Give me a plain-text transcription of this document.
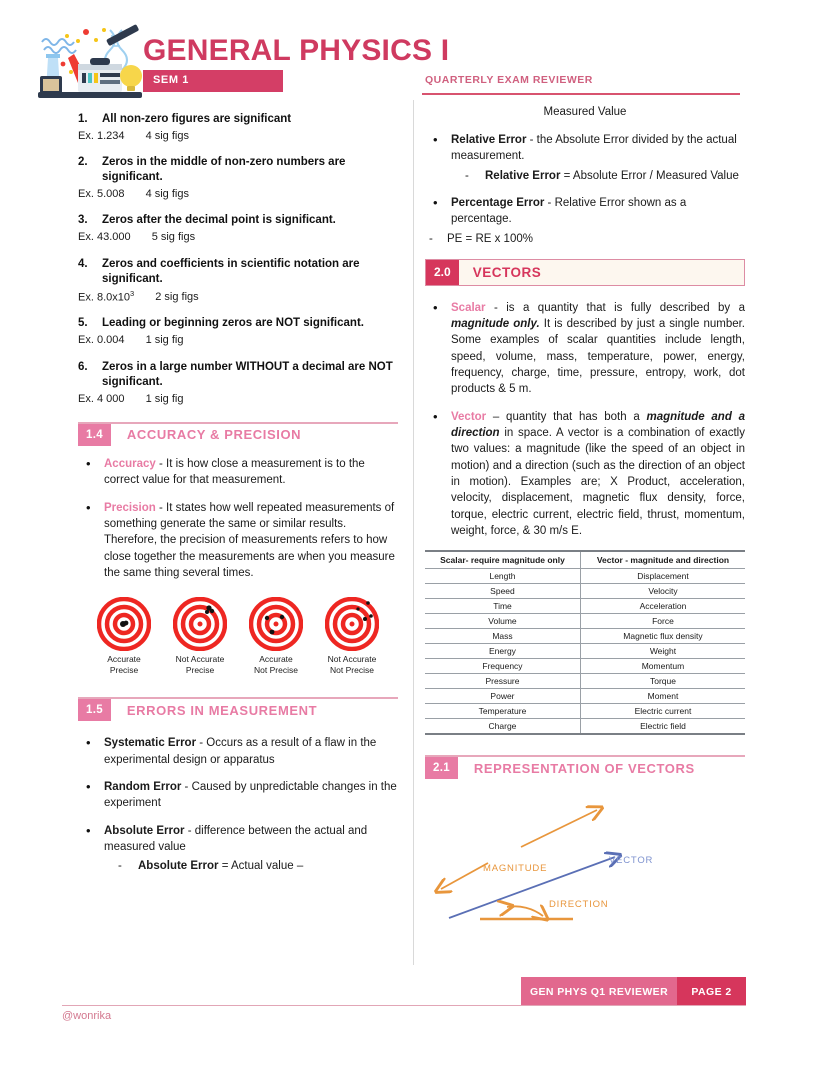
GENERAL PHYSICS I
SEM 1	QUARTERLY EXAM REVIEWER
1.	All non-zero figures are significant
Ex. 1.234 4 sig figs
2.	Zeros in the middle of non-zero numbers are significant.
Ex. 5.008 4 sig figs
3.	Zeros after the decimal point is significant.
Ex. 43.000 5 sig figs
4.	Zeros and coefficients in scientific notation are significant.
Ex. $8.0x10^3$ 2 sig figs
5.	Leading or beginning zeros are NOT significant.
Ex. 0.004 1 sig fig
6.	Zeros in a large number WITHOUT a decimal are NOT significant.
Ex. 4 000 1 sig fig
1.4	ACCURACY & PRECISION
• Accuracy - It is how close a measurement is to the correct value for that measurement.
• Precision - It states how well repeated measurements of something generate the same or similar results. Therefore, the precision of measurements refers to how close together the measurements are when you measure the same thing several times.
Accurate
Precise
Not Accurate
Precise
Accurate
Not Precise
Not Accurate
Not Precise
1.5	ERRORS IN MEASUREMENT
• Systematic Error - Occurs as a result of a flaw in the experimental design or apparatus
• Random Error - Caused by unpredictable changes in the experiment
• Absolute Error - difference between the actual and measured value
- Absolute Error = Actual value –
Measured Value
• Relative Error - the Absolute Error divided by the actual measurement.
- Relative Error = Absolute Error / Measured Value
• Percentage Error - Relative Error shown as a percentage.
- PE = RE x 100%
2.0	VECTORS
• Scalar - is a quantity that is fully described by a magnitude only. It is described by just a single number. Some examples of scalar quantities include length, speed, volume, mass, temperature, power, energy, frequency, charge, time, pressure, entropy, work, dot products & 5 m.
• Vector – quantity that has both a magnitude and a direction in space. A vector is a combination of exactly two values: a magnitude (like the speed of an object in motion) and a direction (such as the direction of an object in motion). Examples are; X Product, acceleration, velocity, displacement, magnetic flux density, force, torque, electric current, electric field, thrust, momentum, weight, force, & 30 m/s E.
Scalar- require magnitude only	Vector - magnitude and direction
Length	Displacement
Speed	Velocity
Time	Acceleration
Volume	Force
Mass	Magnetic flux density
Energy	Weight
Frequency	Momentum
Pressure	Torque
Power	Moment
Temperature	Electric current
Charge	Electric field
2.1	REPRESENTATION OF VECTORS
MAGNITUDE
VECTOR
DIRECTION
GEN PHYS Q1 REVIEWER PAGE 2
@wonrika
